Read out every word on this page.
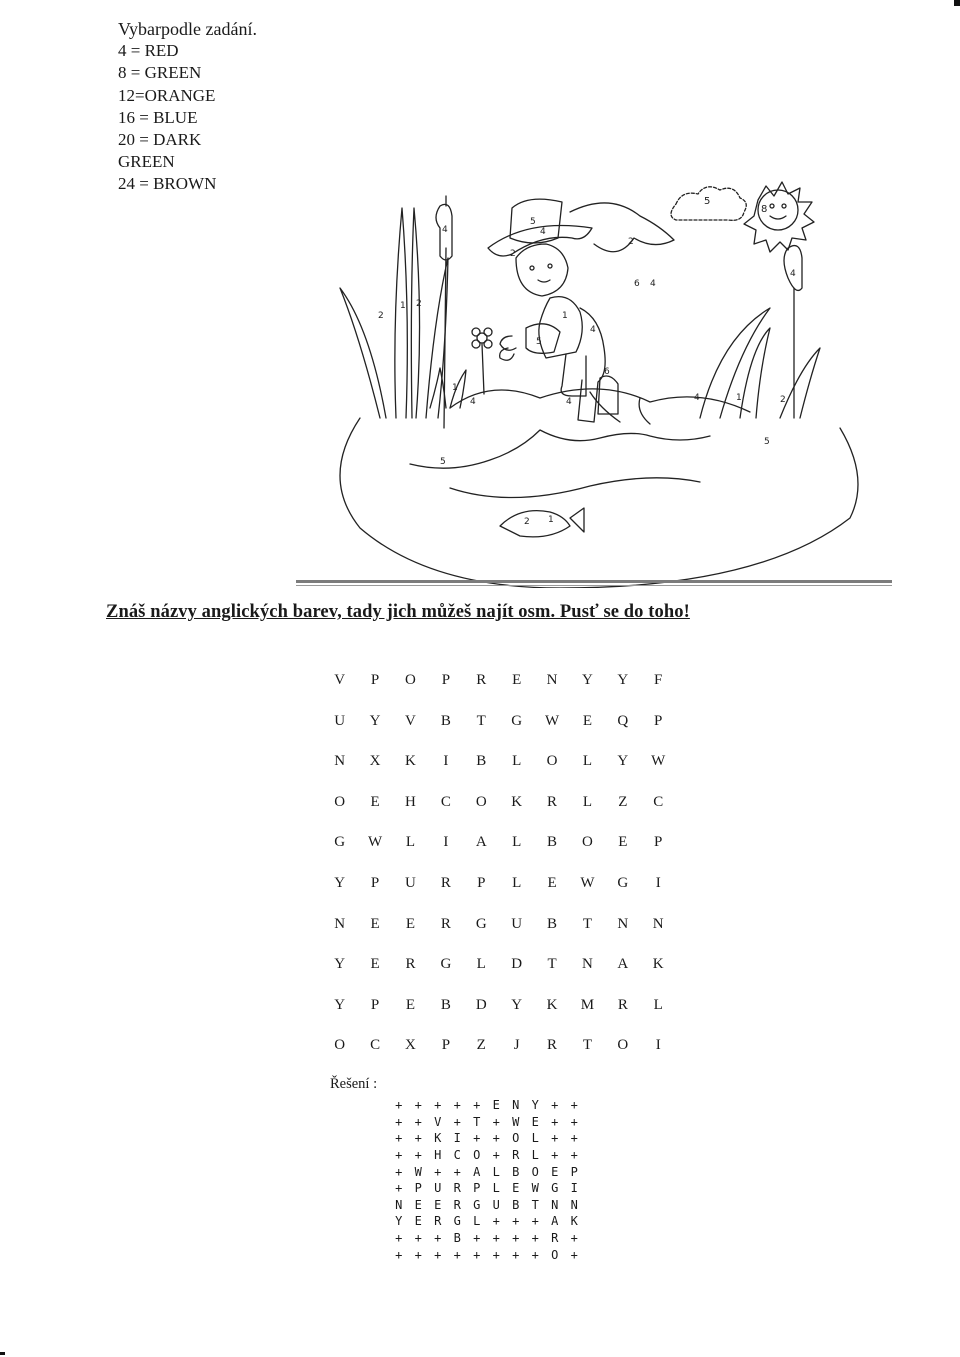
Vybarpodle zadání.
4 = RED
8 = GREEN
12=ORANGE
16 = BLUE
20 = DARK
GREEN
24 = BROWN
5
8
4
2
1 2
1
5
4
2
2
6 4
1
4
5
6
4
1	2
4	4	4
5
5
1
2
Znáš názvy anglických barev, tady jich můžeš najít osm. Pusť se do toho!
V	P	O	P	R	E	N	Y	Y	F
U	Y	V	B	T	G	W	E	Q	P
N	X	K	I	B	L	O	L	Y	W
O	E	H	C	O	K	R	L	Z	C
G	W	L	I	A	L	B	O	E	P
Y	P	U	R	P	L	E	W	G	I
N	E	E	R	G	U	B	T	N	N
Y	E	R	G	L	D	T	N	A	K
Y	P	E	B	D	Y	K	M	R	L
O	C	X	P	Z	J	R	T	O	I
Řešení :
+	+	+	+	+	E	N	Y	+	+
+	+	V	+	T	+	W	E	+	+
+	+	K	I	+	+	O	L	+	+
+	+	H	C	O	+	R	L	+	+
+	W	+	+	A	L	B	O	E	P
+	P	U	R	P	L	E	W	G	I
N	E	E	R	G	U	B	T	N	N
Y	E	R	G	L	+	+	+	A	K
+	+	+	B	+	+	+	+	R	+
+	+	+	+	+	+	+	+	O	+
